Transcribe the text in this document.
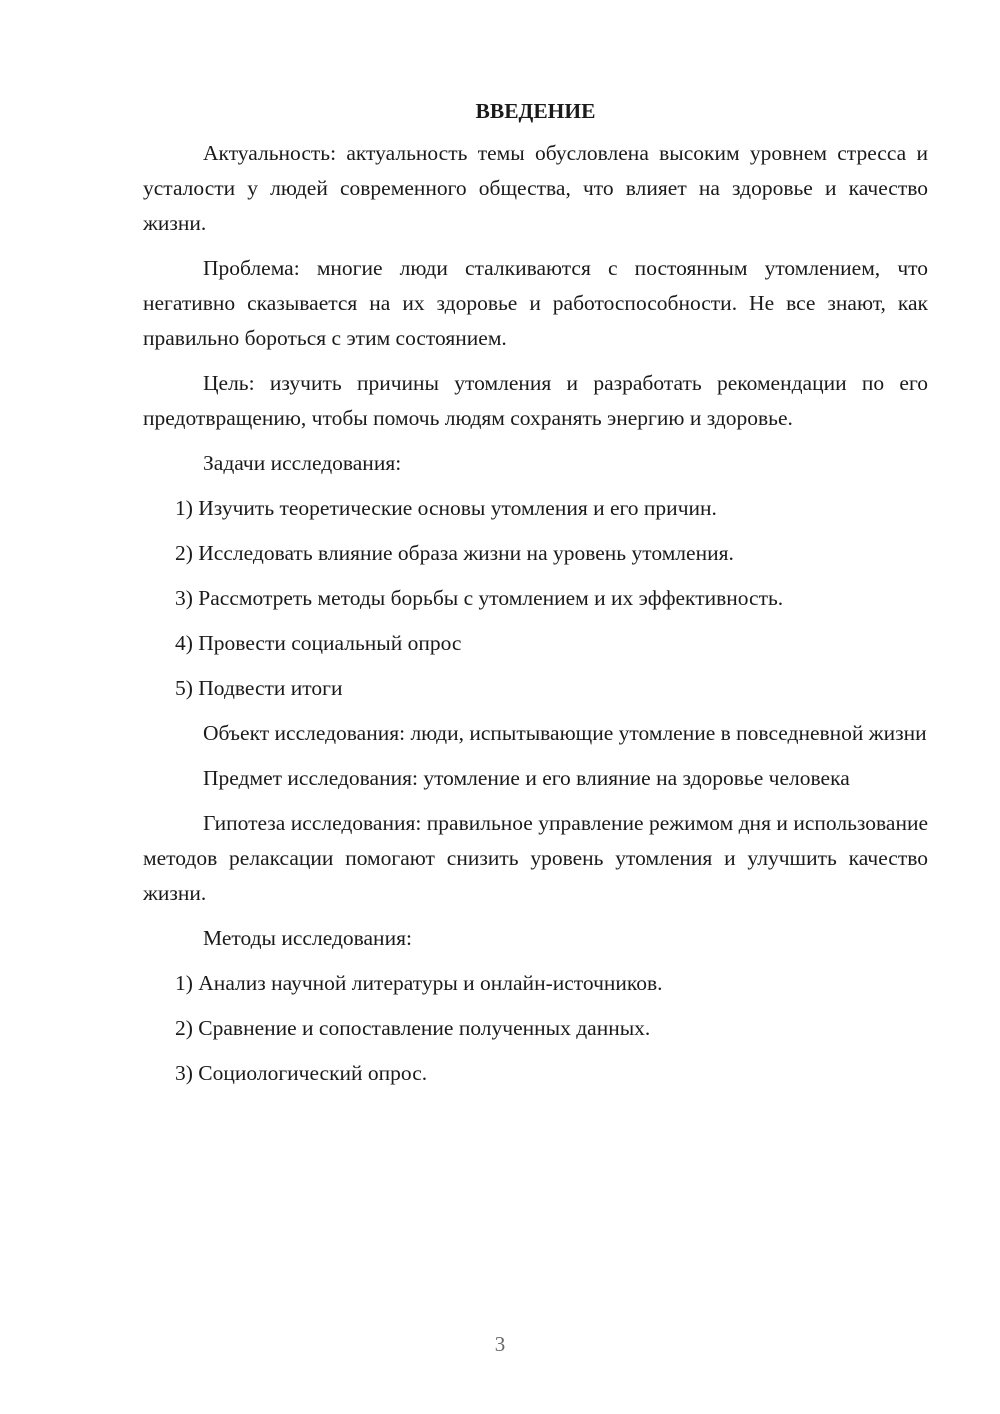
ВВЕДЕНИЕ

Актуальность: актуальность темы обусловлена высоким уровнем стресса и усталости у людей современного общества, что влияет на здоровье и качество жизни.

Проблема: многие люди сталкиваются с постоянным утомлением, что негативно сказывается на их здоровье и работоспособности. Не все знают, как правильно бороться с этим состоянием.

Цель: изучить причины утомления и разработать рекомендации по его предотвращению, чтобы помочь людям сохранять энергию и здоровье.

Задачи исследования:

1) Изучить теоретические основы утомления и его причин.
2) Исследовать влияние образа жизни на уровень утомления.
3) Рассмотреть методы борьбы с утомлением и их эффективность.
4) Провести социальный опрос
5) Подвести итоги

Объект исследования: люди, испытывающие утомление в повседневной жизни

Предмет исследования: утомление и его влияние на здоровье человека

Гипотеза исследования: правильное управление режимом дня и использование методов релаксации помогают снизить уровень утомления и улучшить качество жизни.

Методы исследования:

1) Анализ научной литературы и онлайн-источников.
2) Сравнение и сопоставление полученных данных.
3) Социологический опрос.
3
